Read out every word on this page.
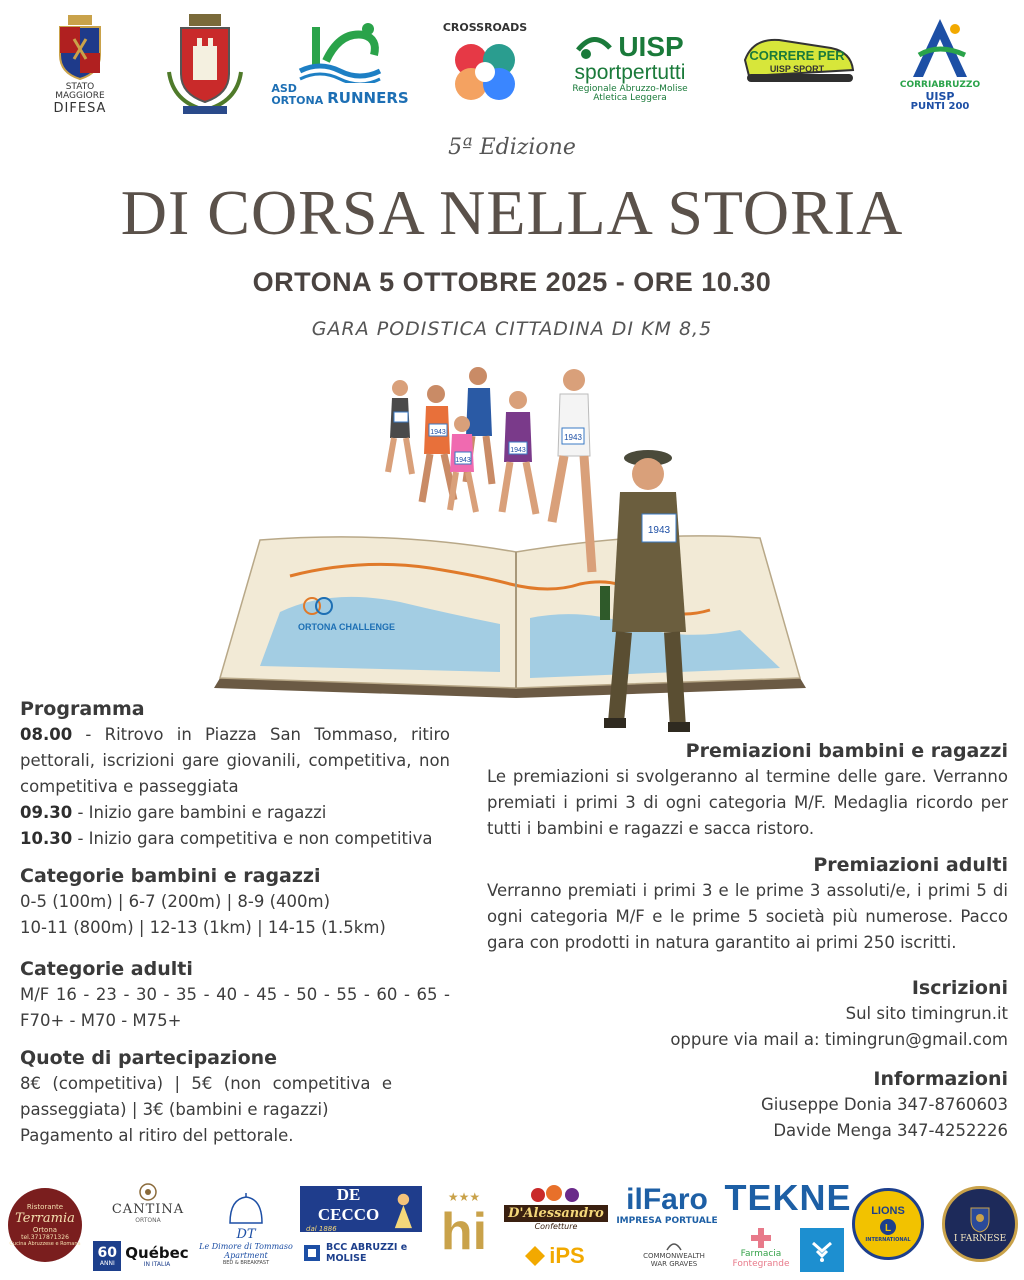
STATO MAGGIORE
DIFESA
ASD
ORTONA RUNNERS
CROSSROADS
UISP
sportpertutti
Regionale Abruzzo-Molise
Atletica Leggera
CORRERE PER
UISP SPORT
CORRIABRUZZO
UISP
PUNTI 200
5ª Edizione
DI CORSA NELLA STORIA
ORTONA 5 OTTOBRE 2025 - ORE 10.30
GARA PODISTICA CITTADINA DI KM 8,5
ORTONA CHALLENGE
1943
1943
1943
1943
1943
Programma
08.00 - Ritrovo in Piazza San Tommaso, ritiro pettorali, iscrizioni gare giovanili, competitiva, non competitiva e passeggiata
09.30 - Inizio gare bambini e ragazzi
10.30 - Inizio gara competitiva e non competitiva
Categorie bambini e ragazzi
0-5 (100m) | 6-7 (200m) | 8-9 (400m)
10-11 (800m) | 12-13 (1km) | 14-15 (1.5km)
Categorie adulti
M/F 16 - 23 - 30 - 35 - 40 - 45 - 50 - 55 - 60 - 65 - F70+ - M70 - M75+
Quote di partecipazione
8€ (competitiva) | 5€ (non competitiva e passeggiata) | 3€ (bambini e ragazzi)
Pagamento al ritiro del pettorale.
Premiazioni bambini e ragazzi
Le premiazioni si svolgeranno al termine delle gare. Verranno premiati i primi 3 di ogni categoria M/F. Medaglia ricordo per tutti i bambini e ragazzi e sacca ristoro.
Premiazioni adulti
Verranno premiati i primi 3 e le prime 3 assoluti/e, i primi 5 di ogni categoria M/F e le prime 5 società più numerose. Pacco gara con prodotti in natura garantito ai primi 250 iscritti.
Iscrizioni
Sul sito timingrun.it
oppure via mail a: timingrun@gmail.com
Informazioni
Giuseppe Donia 347-8760603
Davide Menga 347-4252226
Ristorante
Terramia
Ortona
tel.3717871326
Cucina Abruzzese e Romana
CANTINA
ORTONA
60
ANNI
Québec
IN ITALIA
DT
Le Dimore di Tommaso
Apartment
BED & BREAKFAST
DE CECCO
dal 1886
BCC ABRUZZI e MOLISE
★★★
hi	D'Alessandro
Confetture
iPS
ilFaro
IMPRESA PORTUALE
COMMONWEALTH
WAR GRAVES
TEKNE
Farmacia
Fontegrande
LIONS
L
INTERNATIONAL	I FARNESE
